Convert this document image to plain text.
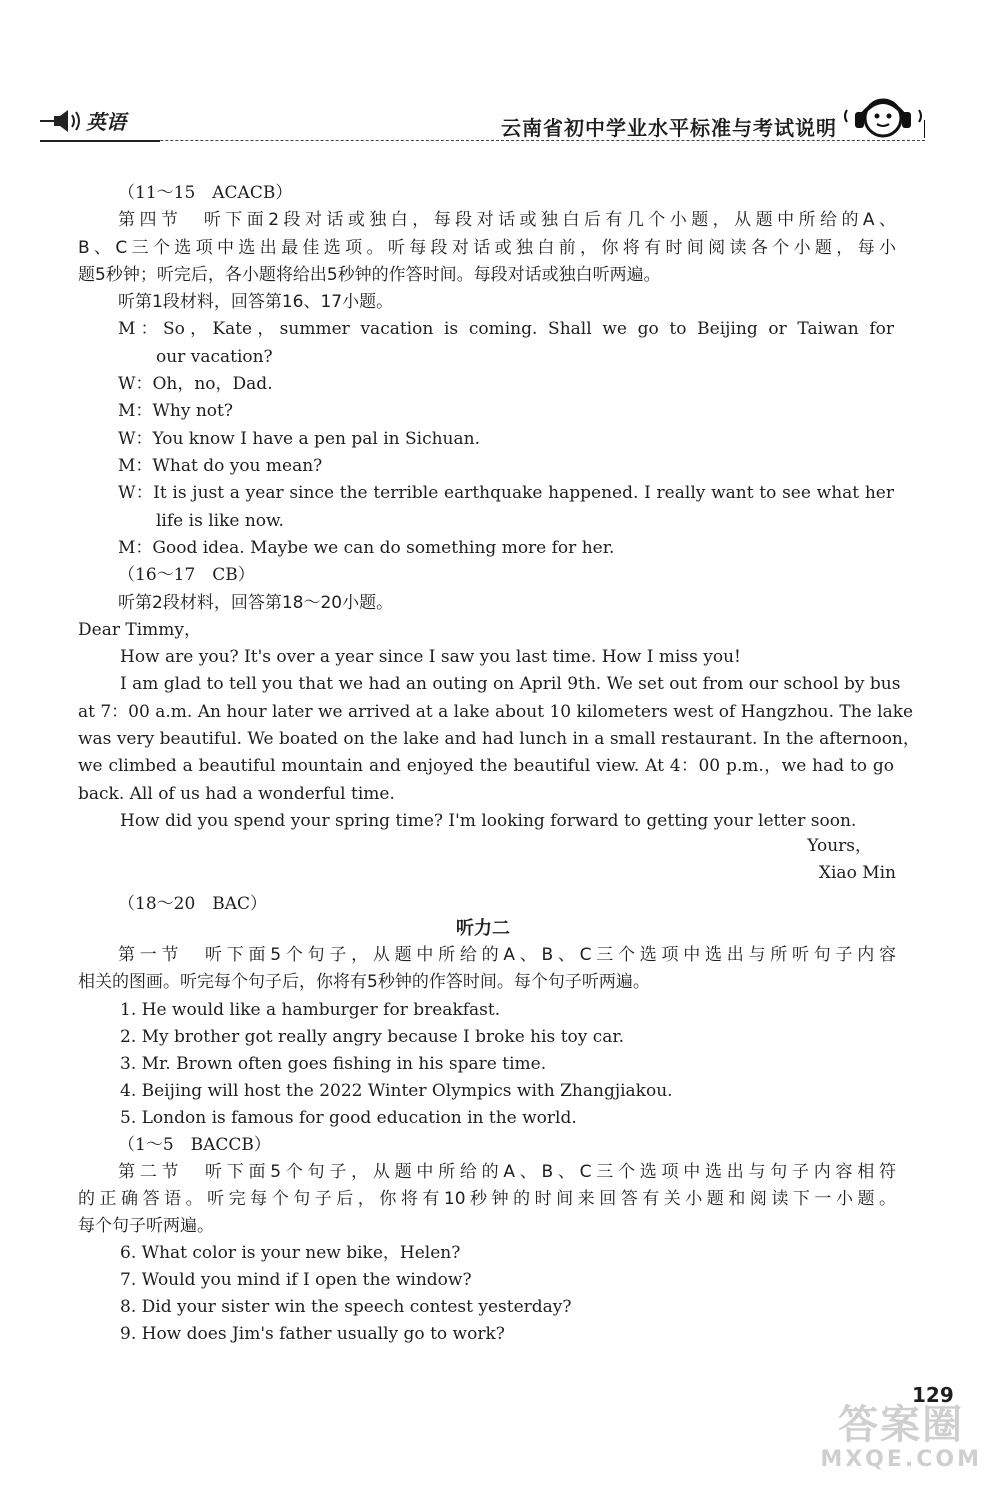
英语	云南省初中学业水平标准与考试说明
（11～15　ACACB）
第四节　听下面2段对话或独白，每段对话或独白后有几个小题，从题中所给的A、
B、C三个选项中选出最佳选项。听每段对话或独白前，你将有时间阅读各个小题，每小
题5秒钟；听完后，各小题将给出5秒钟的作答时间。每段对话或独白听两遍。
听第1段材料，回答第16、17小题。
M：So，Kate，summer vacation is coming. Shall we go to Beijing or Taiwan for
our vacation?
W：Oh，no，Dad.
M：Why not?
W：You know I have a pen pal in Sichuan.
M：What do you mean?
W：It is just a year since the terrible earthquake happened. I really want to see what her
life is like now.
M：Good idea. Maybe we can do something more for her.
（16～17　CB）
听第2段材料，回答第18～20小题。
Dear Timmy，
How are you? It's over a year since I saw you last time. How I miss you!
I am glad to tell you that we had an outing on April 9th. We set out from our school by bus
at 7：00 a.m. An hour later we arrived at a lake about 10 kilometers west of Hangzhou. The lake
was very beautiful. We boated on the lake and had lunch in a small restaurant. In the afternoon，
we climbed a beautiful mountain and enjoyed the beautiful view. At 4：00 p.m.，we had to go
back. All of us had a wonderful time.
How did you spend your spring time? I'm looking forward to getting your letter soon.
Yours，
Xiao Min
（18～20　BAC）
听力二
第一节　听下面5个句子，从题中所给的A、B、C三个选项中选出与所听句子内容
相关的图画。听完每个句子后，你将有5秒钟的作答时间。每个句子听两遍。
1. He would like a hamburger for breakfast.
2. My brother got really angry because I broke his toy car.
3. Mr. Brown often goes fishing in his spare time.
4. Beijing will host the 2022 Winter Olympics with Zhangjiakou.
5. London is famous for good education in the world.
（1～5　BACCB）
第二节　听下面5个句子，从题中所给的A、B、C三个选项中选出与句子内容相符
的正确答语。听完每个句子后，你将有10秒钟的时间来回答有关小题和阅读下一小题。
每个句子听两遍。
6. What color is your new bike，Helen?
7. Would you mind if I open the window?
8. Did your sister win the speech contest yesterday?
9. How does Jim's father usually go to work?
129
答案圈
MXQE.COM
